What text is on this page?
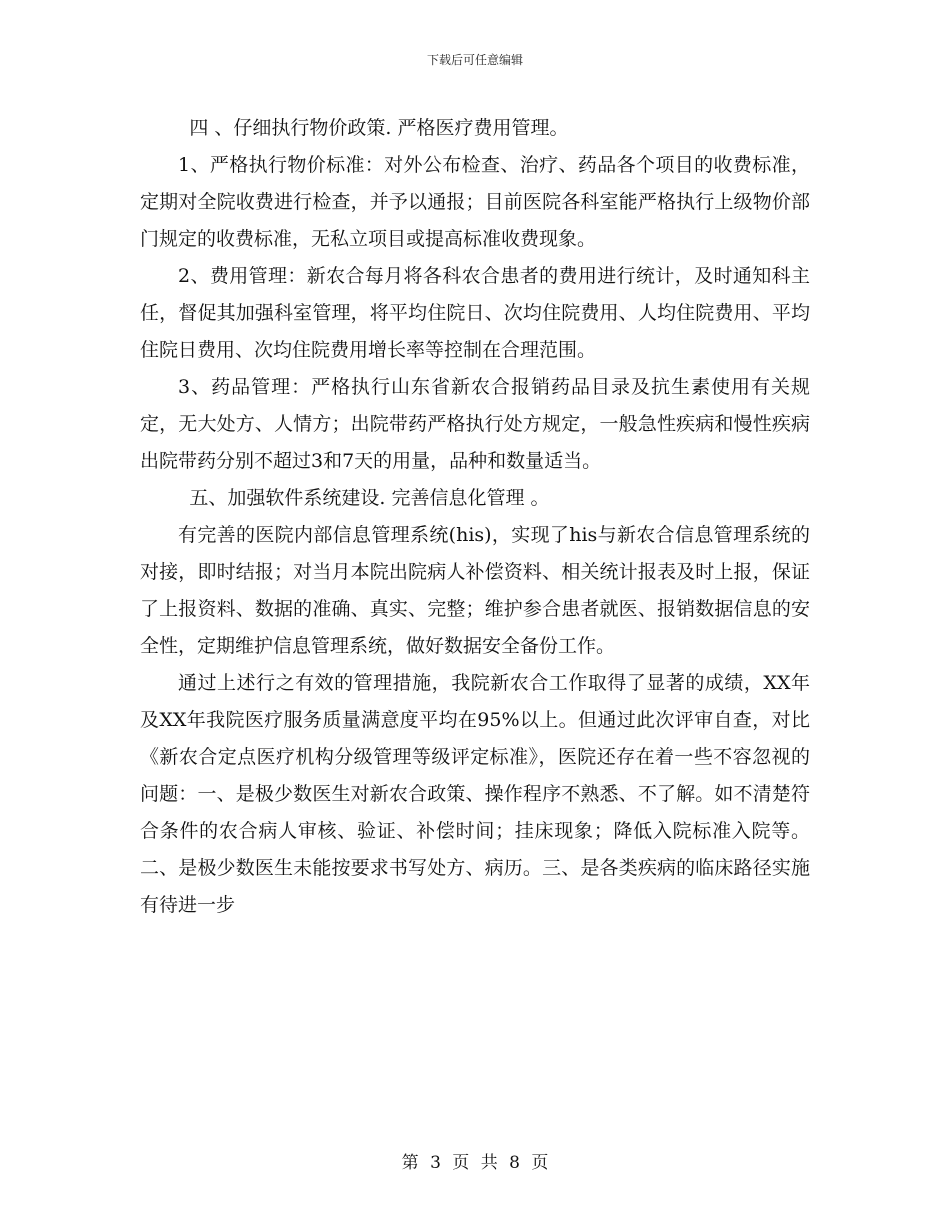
下载后可任意编辑

四 、仔细执行物价政策. 严格医疗费用管理。

1、严格执行物价标准：对外公布检查、治疗、药品各个项目的收费标准，定期对全院收费进行检查，并予以通报；目前医院各科室能严格执行上级物价部门规定的收费标准，无私立项目或提高标准收费现象。

2、费用管理：新农合每月将各科农合患者的费用进行统计，及时通知科主任，督促其加强科室管理，将平均住院日、次均住院费用、人均住院费用、平均住院日费用、次均住院费用增长率等控制在合理范围。

3、药品管理：严格执行山东省新农合报销药品目录及抗生素使用有关规定，无大处方、人情方；出院带药严格执行处方规定，一般急性疾病和慢性疾病出院带药分别不超过3和7天的用量，品种和数量适当。

五、加强软件系统建设. 完善信息化管理 。

有完善的医院内部信息管理系统(his)，实现了his与新农合信息管理系统的对接，即时结报；对当月本院出院病人补偿资料、相关统计报表及时上报，保证了上报资料、数据的准确、真实、完整；维护参合患者就医、报销数据信息的安全性，定期维护信息管理系统，做好数据安全备份工作。

通过上述行之有效的管理措施，我院新农合工作取得了显著的成绩，XX年及XX年我院医疗服务质量满意度平均在95%以上。但通过此次评审自查，对比《新农合定点医疗机构分级管理等级评定标准》，医院还存在着一些不容忽视的问题：一、是极少数医生对新农合政策、操作程序不熟悉、不了解。如不清楚符合条件的农合病人审核、验证、补偿时间；挂床现象；降低入院标准入院等。二、是极少数医生未能按要求书写处方、病历。三、是各类疾病的临床路径实施有待进一步

第 3 页 共 8 页
